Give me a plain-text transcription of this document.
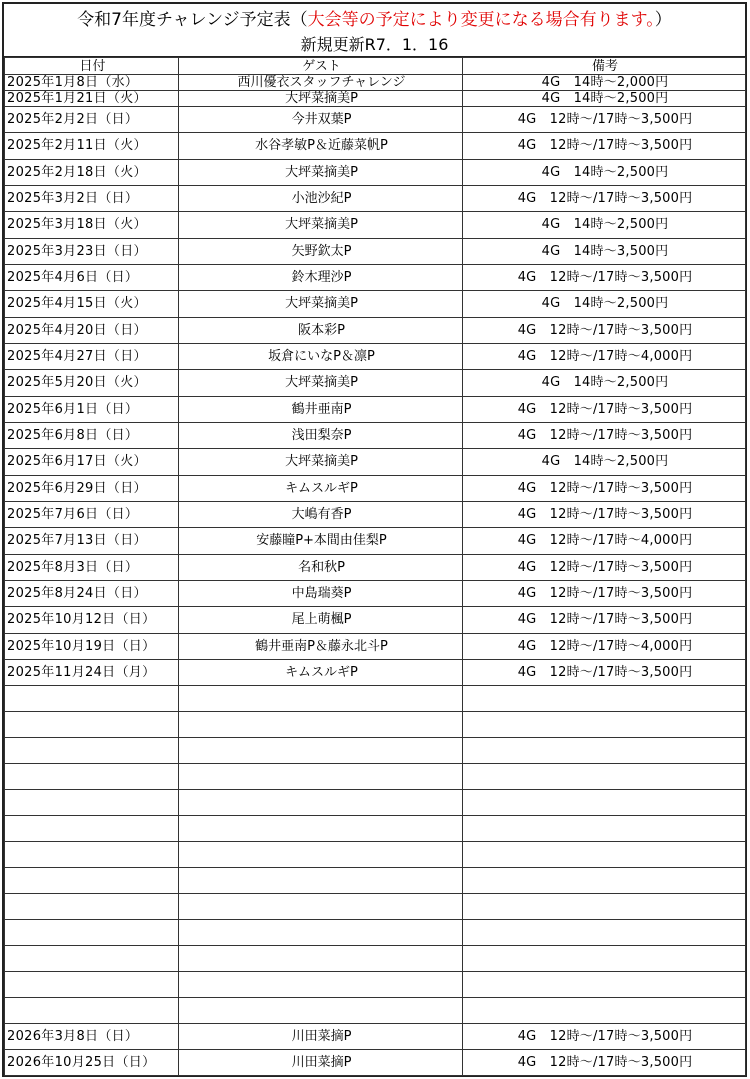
令和7年度チャレンジ予定表（大会等の予定により変更になる場合有ります。）
新規更新R7．1．16
日付	ゲスト	備考
2025年1月8日（水）	西川優衣スタッフチャレンジ	4G　14時～2,000円
2025年1月21日（火）	大坪菜摘美P	4G　14時～2,500円
2025年2月2日（日）	今井双葉P	4G　12時～/17時～3,500円
2025年2月11日（火）	水谷孝敏P＆近藤菜帆P	4G　12時～/17時～3,500円
2025年2月18日（火）	大坪菜摘美P	4G　14時～2,500円
2025年3月2日（日）	小池沙紀P	4G　12時～/17時～3,500円
2025年3月18日（火）	大坪菜摘美P	4G　14時～2,500円
2025年3月23日（日）	矢野欽太P	4G　14時～3,500円
2025年4月6日（日）	鈴木理沙P	4G　12時～/17時～3,500円
2025年4月15日（火）	大坪菜摘美P	4G　14時～2,500円
2025年4月20日（日）	阪本彩P	4G　12時～/17時～3,500円
2025年4月27日（日）	坂倉にいなP＆凛P	4G　12時～/17時～4,000円
2025年5月20日（火）	大坪菜摘美P	4G　14時～2,500円
2025年6月1日（日）	鶴井亜南P	4G　12時～/17時～3,500円
2025年6月8日（日）	浅田梨奈P	4G　12時～/17時～3,500円
2025年6月17日（火）	大坪菜摘美P	4G　14時～2,500円
2025年6月29日（日）	キムスルギP	4G　12時～/17時～3,500円
2025年7月6日（日）	大嶋有香P	4G　12時～/17時～3,500円
2025年7月13日（日）	安藤瞳P+本間由佳梨P	4G　12時～/17時～4,000円
2025年8月3日（日）	名和秋P	4G　12時～/17時～3,500円
2025年8月24日（日）	中島瑞葵P	4G　12時～/17時～3,500円
2025年10月12日（日）	尾上萌楓P	4G　12時～/17時～3,500円
2025年10月19日（日）	鶴井亜南P＆藤永北斗P	4G　12時～/17時～4,000円
2025年11月24日（月）	キムスルギP	4G　12時～/17時～3,500円

2026年3月8日（日）	川田菜摘P	4G　12時～/17時～3,500円
2026年10月25日（日）	川田菜摘P	4G　12時～/17時～3,500円
